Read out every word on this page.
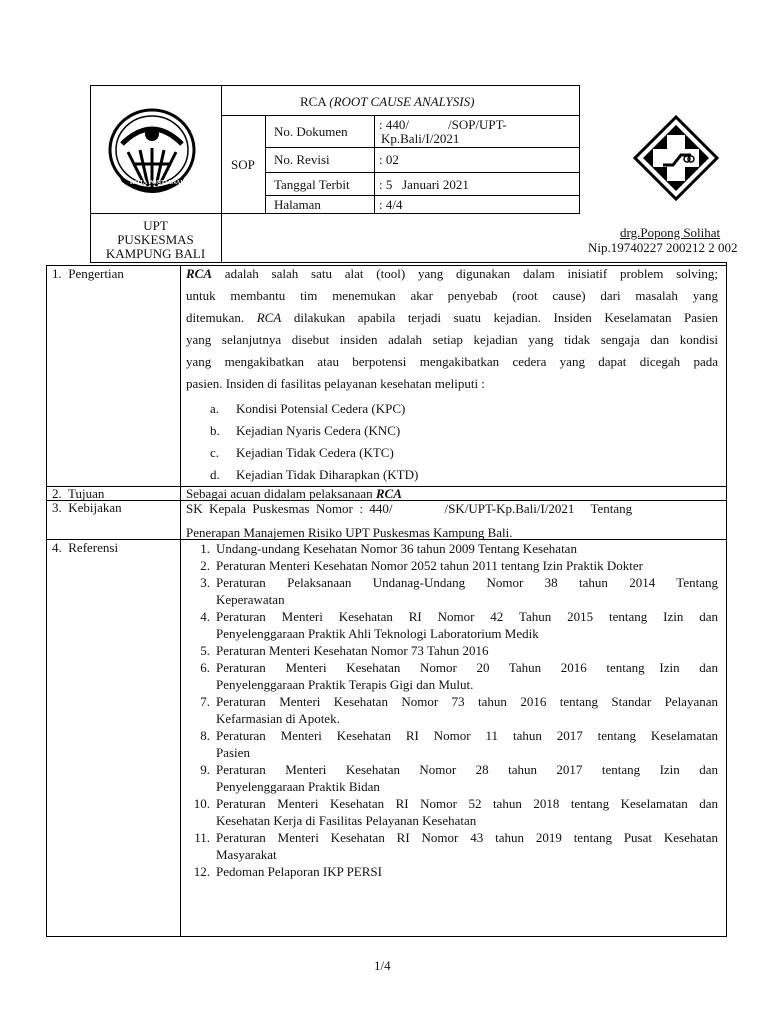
KOTA PONTIANAK
RCA (ROOT CAUSE ANALYSIS)
SOP
No. Dokumen : 440/            /SOP/UPT-
Kp.Bali/I/2021
No. Revisi	: 02
Tanggal Terbit : 5   Januari 2021
Halaman	: 4/4
UPT
PUSKESMAS
KAMPUNG BALI
drg.Popong Solihat
Nip.19740227 200212 2 002
1.  Pengertian
2.  Tujuan
3.  Kebijakan
4.  Referensi
RCA adalah salah satu alat (tool) yang digunakan dalam inisiatif problem solving;
untuk membantu tim menemukan akar penyebab (root cause) dari masalah yang
ditemukan. RCA dilakukan apabila terjadi suatu kejadian. Insiden Keselamatan Pasien
yang selanjutnya disebut insiden adalah setiap kejadian yang tidak sengaja dan kondisi
yang mengakibatkan atau berpotensi mengakibatkan cedera yang dapat dicegah pada
pasien. Insiden di fasilitas pelayanan kesehatan meliputi :
a. Kondisi Potensial Cedera (KPC)
b. Kejadian Nyaris Cedera (KNC)
c. Kejadian Tidak Cedera (KTC)
d. Kejadian Tidak Diharapkan (KTD)
Sebagai acuan didalam pelaksanaan RCA
SK  Kepala  Puskesmas  Nomor  :  440/                /SK/UPT-Kp.Bali/I/2021     Tentang
Penerapan Manajemen Risiko UPT Puskesmas Kampung Bali.
1. Undang-undang Kesehatan Nomor 36 tahun 2009 Tentang Kesehatan
2. Peraturan Menteri Kesehatan Nomor 2052 tahun 2011 tentang Izin Praktik Dokter
3. Peraturan   Pelaksanaan   Undanag-Undang   Nomor   38   tahun   2014   Tentang
Keperawatan
4. Peraturan  Menteri  Kesehatan  RI  Nomor  42  Tahun  2015  tentang  Izin  dan
Penyelenggaraan Praktik Ahli Teknologi Laboratorium Medik
5. Peraturan Menteri Kesehatan Nomor 73 Tahun 2016
6. Peraturan    Menteri    Kesehatan    Nomor    20    Tahun    2016    tentang   Izin    dan
Penyelenggaraan Praktik Terapis Gigi dan Mulut.
7. Peraturan Menteri Kesehatan Nomor 73 tahun 2016 tentang Standar Pelayanan
Kefarmasian di Apotek.
8. Peraturan    Menteri    Kesehatan    RI    Nomor    11    tahun    2017    tentang    Keselamatan
Pasien
9. Peraturan     Menteri     Kesehatan     Nomor     28     tahun     2017     tentang     Izin     dan
Penyelenggaraan Praktik Bidan
10. Peraturan Menteri Kesehatan RI Nomor 52 tahun 2018 tentang Keselamatan dan
Kesehatan Kerja di Fasilitas Pelayanan Kesehatan
11. Peraturan  Menteri  Kesehatan  RI  Nomor  43  tahun  2019  tentang  Pusat  Kesehatan
Masyarakat
12. Pedoman Pelaporan IKP PERSI
1/4
